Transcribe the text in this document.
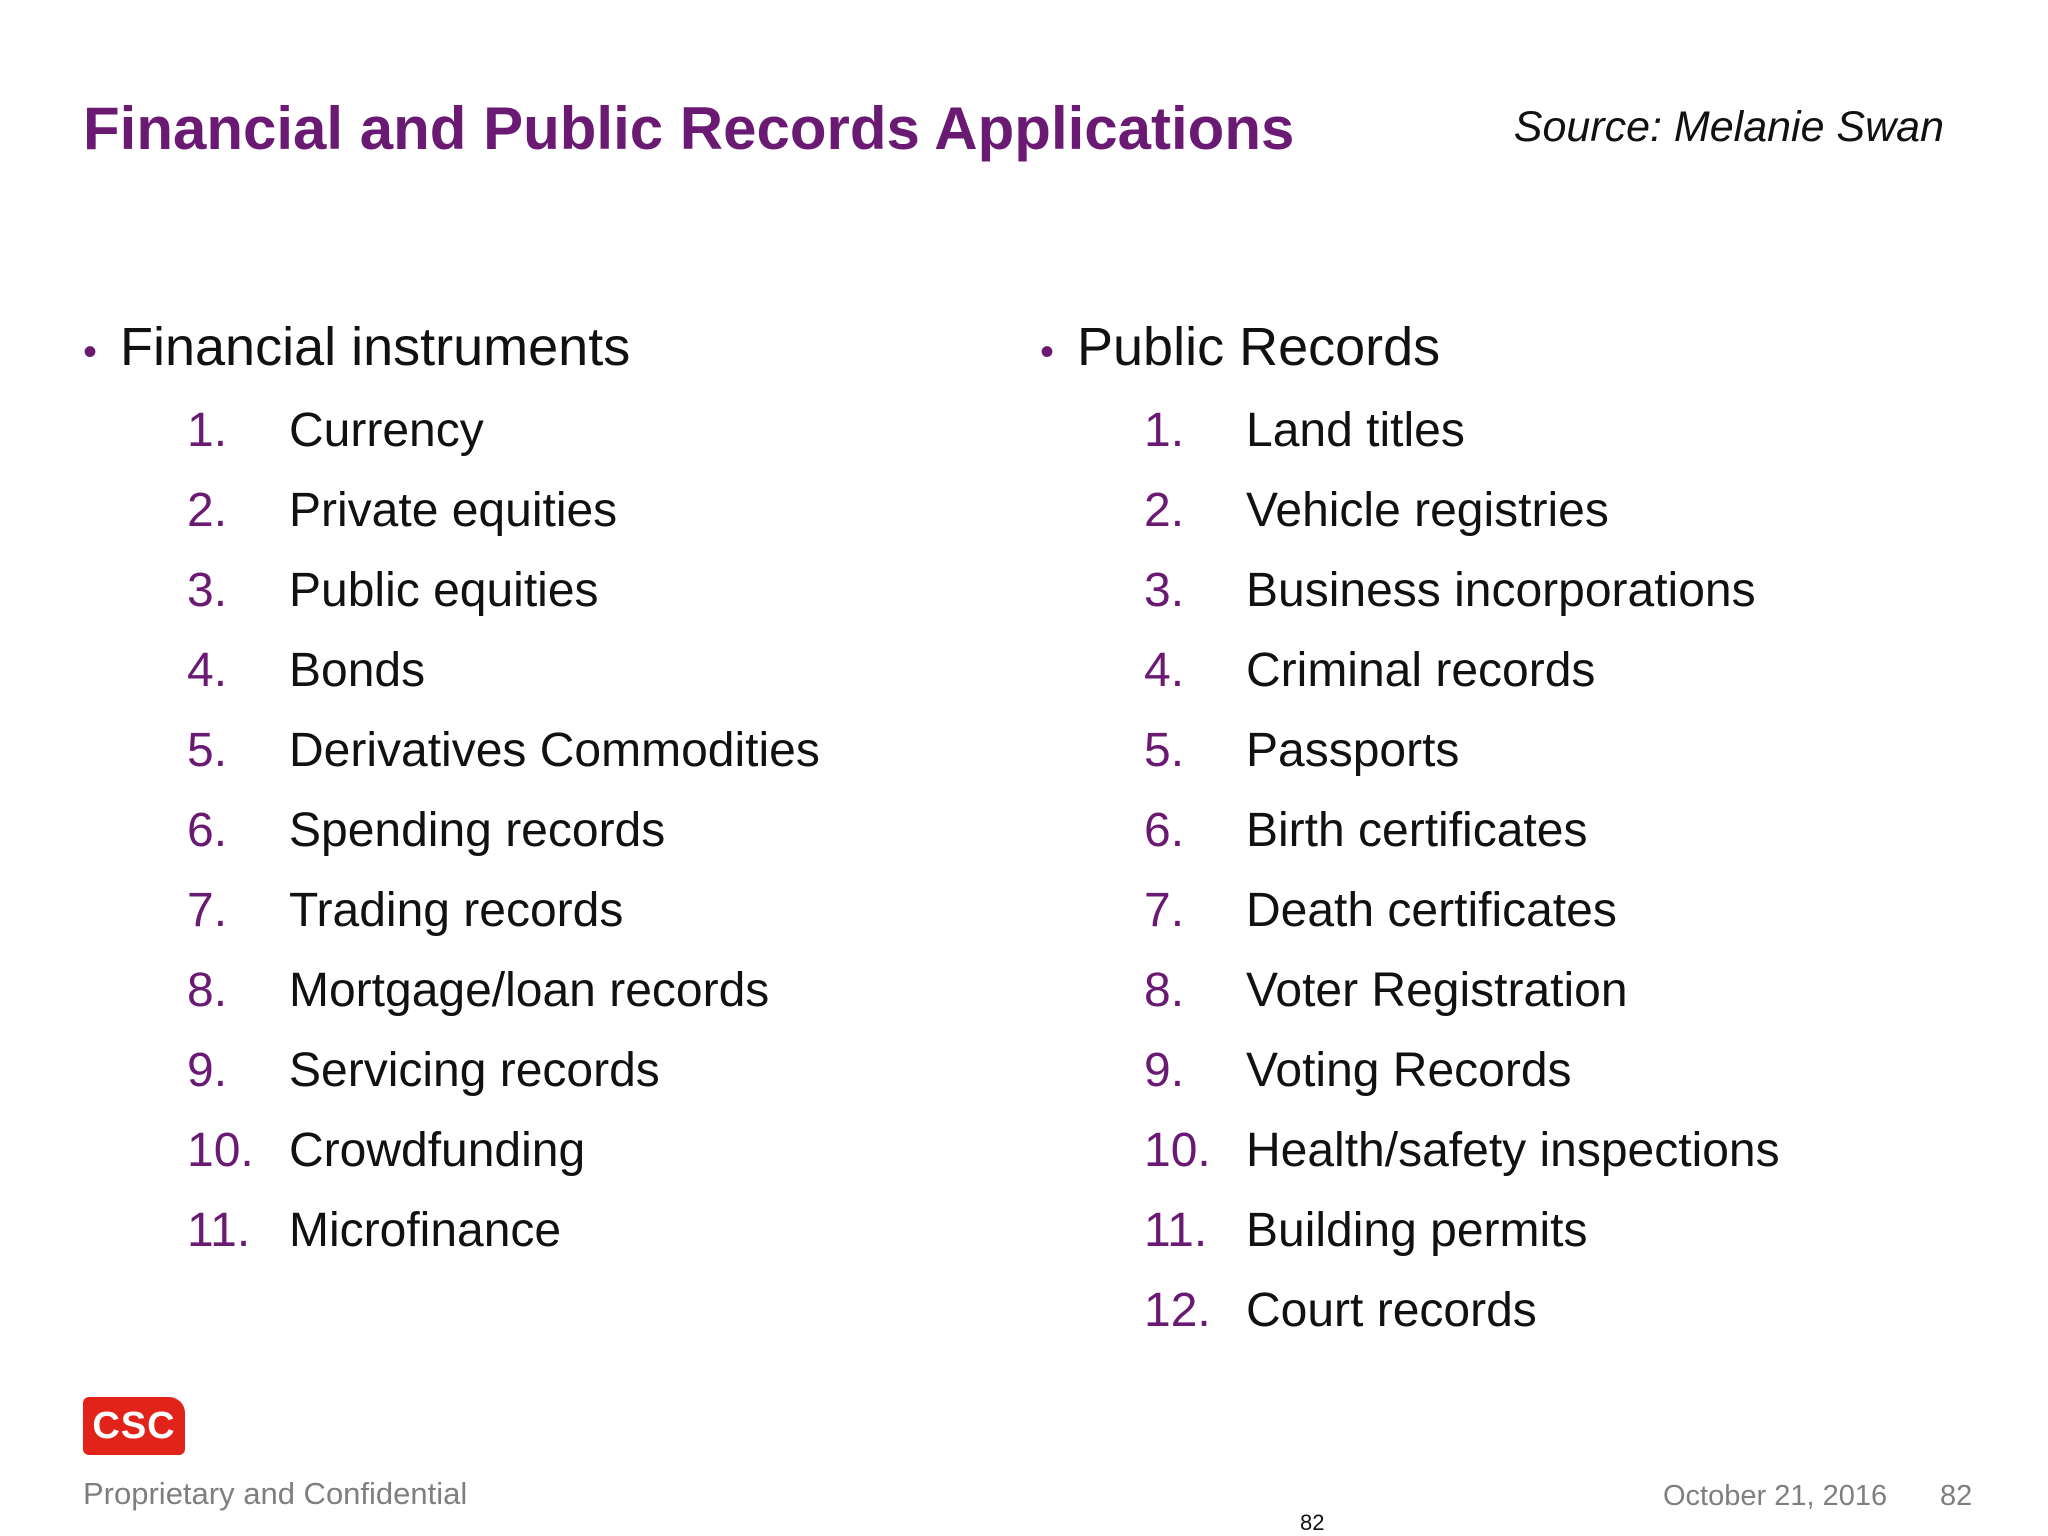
Financial and Public Records Applications	Source: Melanie Swan
• Financial instruments
1.	Currency
2.	Private equities
3.	Public equities
4.	Bonds
5.	Derivatives Commodities
6.	Spending records
7.	Trading records
8.	Mortgage/loan records
9.	Servicing records
10. Crowdfunding
11. Microfinance
• Public Records
1.	Land titles
2.	Vehicle registries
3.	Business incorporations
4.	Criminal records
5.	Passports
6.	Birth certificates
7.	Death certificates
8.	Voter Registration
9.	Voting Records
10. Health/safety inspections
11. Building permits
12. Court records
CSC
Proprietary and Confidential	October 21, 2016 82
82
